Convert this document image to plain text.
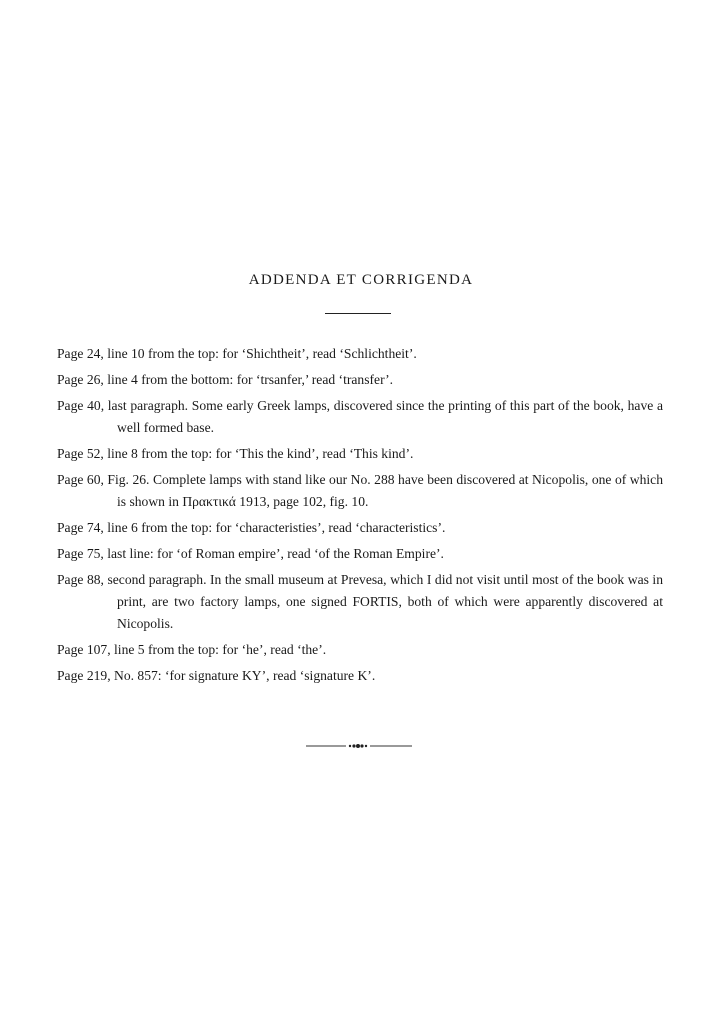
ADDENDA ET CORRIGENDA
Page 24, line 10 from the top: for ‘Shichtheit’, read ‘Schlichtheit’.
Page 26, line 4 from the bottom: for ‘trsanfer,’ read ‘transfer’.
Page 40, last paragraph. Some early Greek lamps, discovered since the printing of this part of the book, have a well formed base.
Page 52, line 8 from the top: for ‘This the kind’, read ‘This kind’.
Page 60, Fig. 26. Complete lamps with stand like our No. 288 have been discovered at Nicopolis, one of which is shown in Πρακτικά 1913, page 102, fig. 10.
Page 74, line 6 from the top: for ‘characteristies’, read ‘characteristics’.
Page 75, last line: for ‘of Roman empire’, read ‘of the Roman Empire’.
Page 88, second paragraph. In the small museum at Prevesa, which I did not visit until most of the book was in print, are two factory lamps, one signed FORTIS, both of which were apparently discovered at Nicopolis.
Page 107, line 5 from the top: for ‘he’, read ‘the’.
Page 219, No. 857: ‘for signature KY’, read ‘signature K’.
